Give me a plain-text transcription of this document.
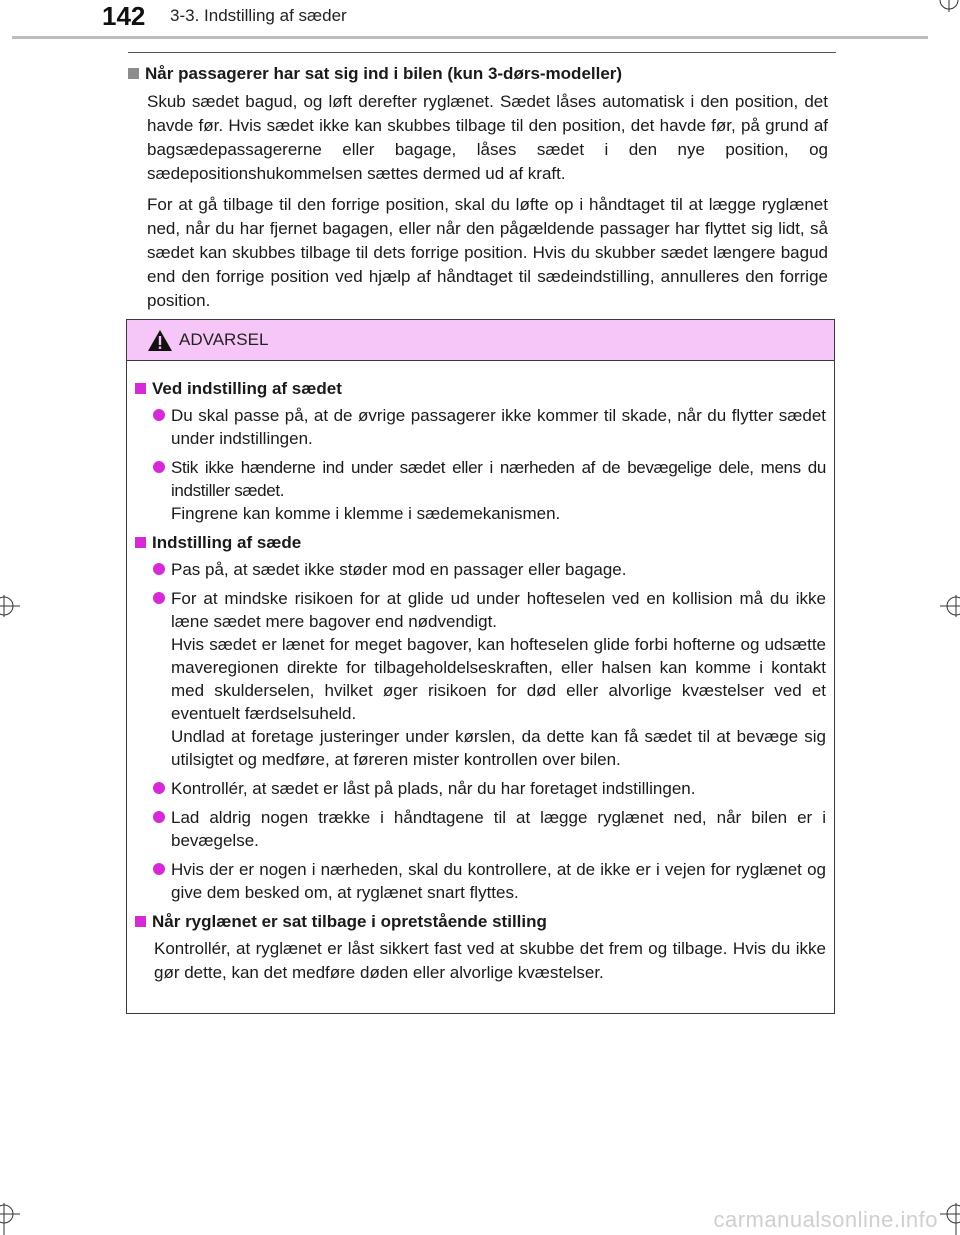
142 3-3. Indstilling af sæder
Når passagerer har sat sig ind i bilen (kun 3-dørs-modeller)

Skub sædet bagud, og løft derefter ryglænet. Sædet låses automatisk i den position, det havde før. Hvis sædet ikke kan skubbes tilbage til den position, det havde før, på grund af bagsædepassagererne eller bagage, låses sædet i den nye position, og sædepositionshukommelsen sættes dermed ud af kraft.

For at gå tilbage til den forrige position, skal du løfte op i håndtaget til at lægge ryglænet ned, når du har fjernet bagagen, eller når den pågældende passager har flyttet sig lidt, så sædet kan skubbes tilbage til dets forrige position. Hvis du skubber sædet længere bagud end den forrige position ved hjælp af håndtaget til sædeindstilling, annulleres den forrige position.

ADVARSEL
Ved indstilling af sædet
Du skal passe på, at de øvrige passagerer ikke kommer til skade, når du flytter sædet under indstillingen.
Stik ikke hænderne ind under sædet eller i nærheden af de bevægelige dele, mens du indstiller sædet.
Fingrene kan komme i klemme i sædemekanismen.
Indstilling af sæde
Pas på, at sædet ikke støder mod en passager eller bagage.
For at mindske risikoen for at glide ud under hofteselen ved en kollision må du ikke læne sædet mere bagover end nødvendigt.
Hvis sædet er lænet for meget bagover, kan hofteselen glide forbi hofterne og udsætte maveregionen direkte for tilbageholdelseskraften, eller halsen kan komme i kontakt med skulderselen, hvilket øger risikoen for død eller alvorlige kvæstelser ved et eventuelt færdselsuheld.
Undlad at foretage justeringer under kørslen, da dette kan få sædet til at bevæge sig utilsigtet og medføre, at føreren mister kontrollen over bilen.
Kontrollér, at sædet er låst på plads, når du har foretaget indstillingen.
Lad aldrig nogen trække i håndtagene til at lægge ryglænet ned, når bilen er i bevægelse.
Hvis der er nogen i nærheden, skal du kontrollere, at de ikke er i vejen for ryglænet og give dem besked om, at ryglænet snart flyttes.
Når ryglænet er sat tilbage i opretstående stilling
Kontrollér, at ryglænet er låst sikkert fast ved at skubbe det frem og tilbage. Hvis du ikke gør dette, kan det medføre døden eller alvorlige kvæstelser.
carmanualsonline.info
